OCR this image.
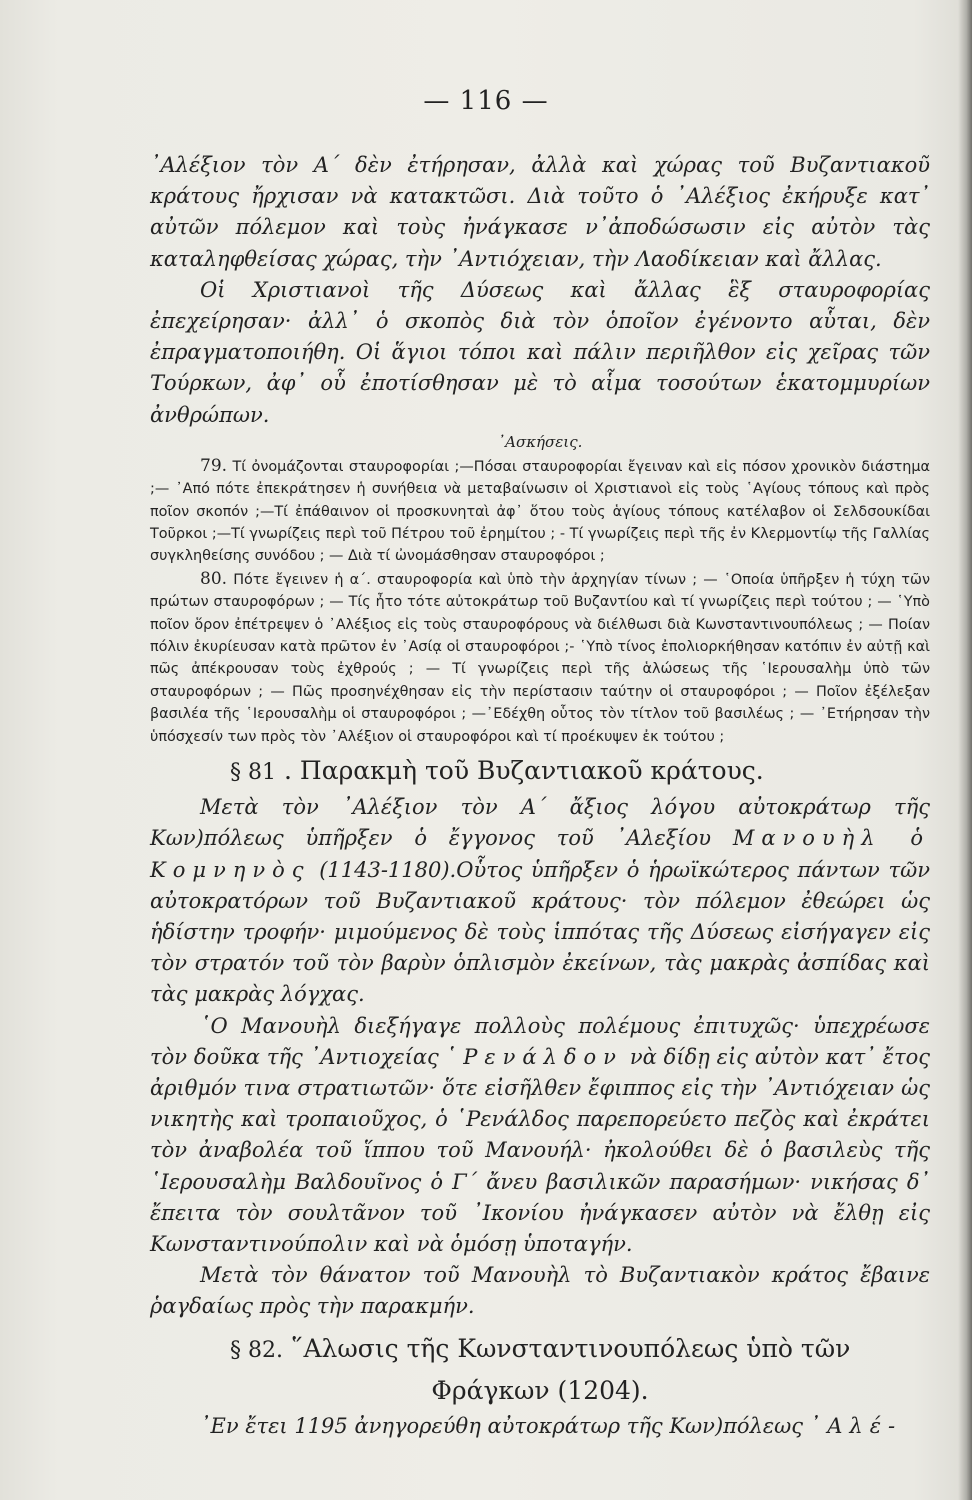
— 116 —

᾽Αλέξιον τὸν Α΄ δὲν ἐτήρησαν, ἀλλὰ καὶ χώρας τοῦ Βυζαντιακοῦ κράτους ἤρχισαν νὰ κατακτῶσι. Διὰ τοῦτο ὁ ᾽Αλέξιος ἐκήρυξε κατ᾽ αὐτῶν πόλεμον καὶ τοὺς ἠνάγκασε ν᾽ἀποδώσωσιν εἰς αὐτὸν τὰς καταληφθείσας χώρας, τὴν ᾽Αντιόχειαν, τὴν Λαοδίκειαν καὶ ἄλλας.

Οἱ Χριστιανοὶ τῆς Δύσεως καὶ ἄλλας ἓξ σταυροφορίας ἐπεχείρησαν· ἀλλ᾽ ὁ σκοπὸς διὰ τὸν ὁποῖον ἐγένοντο αὗται, δὲν ἐπραγματοποιήθη. Οἱ ἅγιοι τόποι καὶ πάλιν περιῆλθον εἰς χεῖρας τῶν Τούρκων, ἀφ᾽ οὗ ἐποτίσθησαν μὲ τὸ αἷμα τοσούτων ἑκατομμυρίων ἀνθρώπων.

᾽Ασκήσεις.

79. Τί ὀνομάζονται σταυροφορίαι ;—Πόσαι σταυροφορίαι ἔγειναν καὶ εἰς πόσον χρονικὸν διάστημα ;— ᾽Από πότε ἐπεκράτησεν ἡ συνήθεια νὰ μεταβαίνωσιν οἱ Χριστιανοὶ εἰς τοὺς ῾Αγίους τόπους καὶ πρὸς ποῖον σκοπόν ;—Τί ἐπάθαινον οἱ προσκυνηταὶ ἀφ᾽ ὅτου τοὺς ἁγίους τόπους κατέλαβον οἱ Σελδσουκίδαι Τοῦρκοι ;—Τί γνωρίζεις περὶ τοῦ Πέτρου τοῦ ἐρημίτου ; - Τί γνωρίζεις περὶ τῆς ἐν Κλερμοντίῳ τῆς Γαλλίας συγκληθείσης συνόδου ; — Διὰ τί ὠνομάσθησαν σταυροφόροι ;

80. Πότε ἔγεινεν ἡ α΄. σταυροφορία καὶ ὑπὸ τὴν ἀρχηγίαν τίνων ; — ῾Οποία ὑπῆρξεν ἡ τύχη τῶν πρώτων σταυροφόρων ; — Τίς ἦτο τότε αὐτοκράτωρ τοῦ Βυζαντίου καὶ τί γνωρίζεις περὶ τούτου ; — ῾Υπὸ ποῖον ὅρον ἐπέτρεψεν ὁ ᾽Αλέξιος εἰς τοὺς σταυροφόρους νὰ διέλθωσι διὰ Κωνσταντινουπόλεως ; — Ποίαν πόλιν ἐκυρίευσαν κατὰ πρῶτον ἐν ᾽Ασίᾳ οἱ σταυροφόροι ;- ῾Υπὸ τίνος ἐπολιορκήθησαν κατόπιν ἐν αὐτῇ καὶ πῶς ἀπέκρουσαν τοὺς ἐχθρούς ; — Τί γνωρίζεις περὶ τῆς ἁλώσεως τῆς ῾Ιερουσαλὴμ ὑπὸ τῶν σταυροφόρων ; — Πῶς προσηνέχθησαν εἰς τὴν περίστασιν ταύτην οἱ σταυροφόροι ; — Ποῖον ἐξέλεξαν βασιλέα τῆς ῾Ιερουσαλὴμ οἱ σταυροφόροι ; —᾽Εδέχθη οὗτος τὸν τίτλον τοῦ βασιλέως ; — ᾽Ετήρησαν τὴν ὑπόσχεσίν των πρὸς τὸν ᾽Αλέξιον οἱ σταυροφόροι καὶ τί προέκυψεν ἐκ τούτου ;

§ 81 . Παρακμὴ τοῦ Βυζαντιακοῦ κράτους.

Μετὰ τὸν ᾽Αλέξιον τὸν Α΄ ἄξιος λόγου αὐτοκράτωρ τῆς Κων)πόλεως ὑπῆρξεν ὁ ἔγγονος τοῦ ᾽Αλεξίου Μανουὴλ ὁ Κομνηνὸς (1143-1180).Οὗτος ὑπῆρξεν ὁ ἡρωϊκώτερος πάντων τῶν αὐτοκρατόρων τοῦ Βυζαντιακοῦ κράτους· τὸν πόλεμον ἐθεώρει ὡς ἡδίστην τροφήν· μιμούμενος δὲ τοὺς ἱππότας τῆς Δύσεως εἰσήγαγεν εἰς τὸν στρατόν τοῦ τὸν βαρὺν ὁπλισμὸν ἐκείνων, τὰς μακρὰς ἀσπίδας καὶ τὰς μακρὰς λόγχας.

῾Ο Μανουὴλ διεξήγαγε πολλοὺς πολέμους ἐπιτυχῶς· ὑπεχρέωσε τὸν δοῦκα τῆς ᾽Αντιοχείας ῾Ρενάλδον νὰ δίδῃ εἰς αὐτὸν κατ᾽ ἔτος ἀριθμόν τινα στρατιωτῶν· ὅτε εἰσῆλθεν ἔφιππος εἰς τὴν ᾽Αντιόχειαν ὡς νικητὴς καὶ τροπαιοῦχος, ὁ ῾Ρενάλδος παρεπορεύετο πεζὸς καὶ ἐκράτει τὸν ἀναβολέα τοῦ ἵππου τοῦ Μανουήλ· ἠκολούθει δὲ ὁ βασιλεὺς τῆς ῾Ιερουσαλὴμ Βαλδουῖνος ὁ Γ΄ ἄνευ βασιλικῶν παρασήμων· νικήσας δ᾽ ἔπειτα τὸν σουλτᾶνον τοῦ ᾽Ικονίου ἠνάγκασεν αὐτὸν νὰ ἔλθῃ εἰς Κωνσταντινούπολιν καὶ νὰ ὁμόσῃ ὑποταγήν.

Μετὰ τὸν θάνατον τοῦ Μανουὴλ τὸ Βυζαντιακὸν κράτος ἔβαινε ῥαγδαίως πρὸς τὴν παρακμήν.

§ 82. ῞Αλωσις τῆς Κωνσταντινουπόλεως ὑπὸ τῶν
Φράγκων (1204).

᾽Εν ἔτει 1195 ἀνηγορεύθη αὐτοκράτωρ τῆς Κων)πόλεως ᾽Αλέ-
